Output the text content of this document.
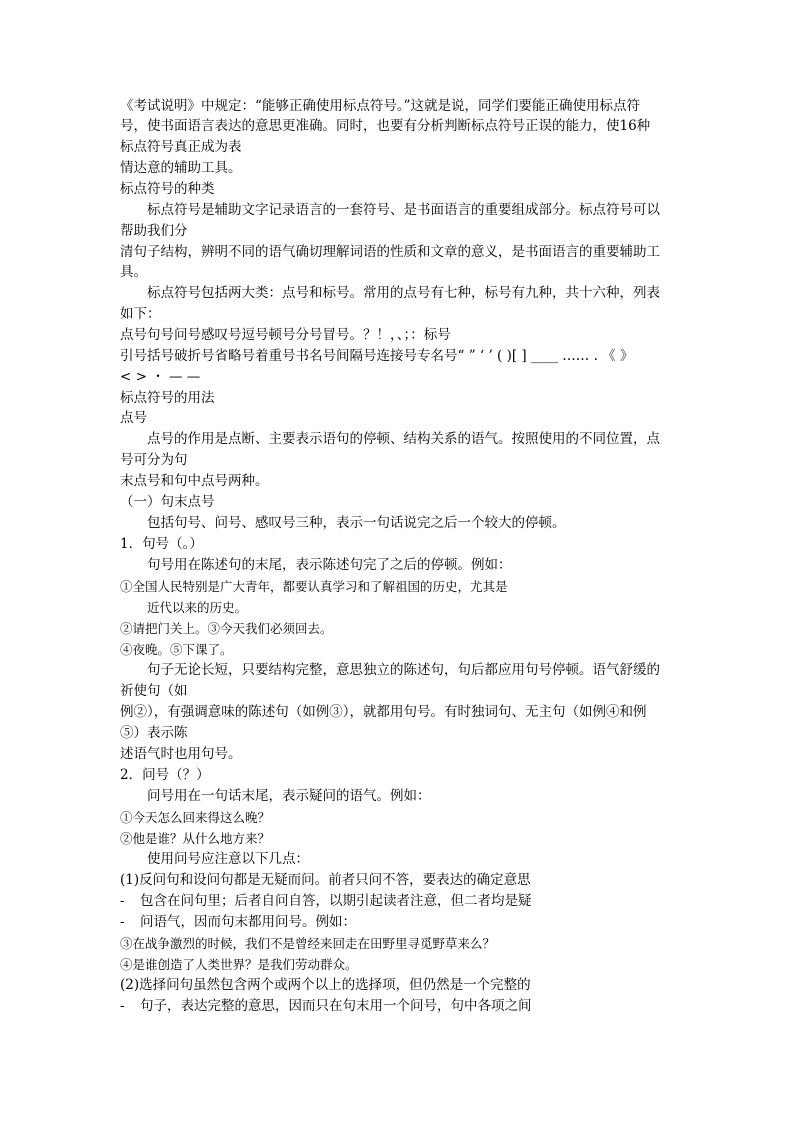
《考试说明》中规定：“能够正确使用标点符号。”这就是说，同学们要能正确使用标点符
号，使书面语言表达的意思更准确。同时，也要有分析判断标点符号正误的能力，使16种
标点符号真正成为表
情达意的辅助工具。
标点符号的种类
标点符号是辅助文字记录语言的一套符号、是书面语言的重要组成部分。标点符号可以
帮助我们分
清句子结构，辨明不同的语气确切理解词语的性质和文章的意义，是书面语言的重要辅助工
具。
标点符号包括两大类：点号和标号。常用的点号有七种，标号有九种，共十六种，列表
如下：
点号句号问号感叹号逗号顿号分号冒号。？！，、；：标号
引号括号破折号省略号着重号书名号间隔号连接号专名号“ ” ‘ ’ ( )[ ] ____ …… . 《 》
< > ・ — —
标点符号的用法
点号
点号的作用是点断、主要表示语句的停顿、结构关系的语气。按照使用的不同位置，点
号可分为句
末点号和句中点号两种。
（一）句末点号
包括句号、问号、感叹号三种，表示一句话说完之后一个较大的停顿。
1．句号（。）
句号用在陈述句的末尾，表示陈述句完了之后的停顿。例如：
①全国人民特别是广大青年，都要认真学习和了解祖国的历史，尤其是
近代以来的历史。
②请把门关上。③今天我们必须回去。
④夜晚。⑤下课了。
句子无论长短，只要结构完整，意思独立的陈述句，句后都应用句号停顿。语气舒缓的
祈使句（如
例②），有强调意味的陈述句（如例③），就都用句号。有时独词句、无主句（如例④和例
⑤）表示陈
述语气时也用句号。
2．问号（？）
问号用在一句话末尾，表示疑问的语气。例如：
①今天怎么回来得这么晚？
②他是谁？从什么地方来？
使用问号应注意以下几点：
(1)反问句和设问句都是无疑而问。前者只问不答，要表达的确定意思
- 包含在问句里；后者自问自答，以期引起读者注意，但二者均是疑
- 问语气，因而句末都用问号。例如：
③在战争激烈的时候，我们不是曾经来回走在田野里寻觅野草来么？
④是谁创造了人类世界？是我们劳动群众。
(2)选择问句虽然包含两个或两个以上的选择项，但仍然是一个完整的
- 句子，表达完整的意思，因而只在句末用一个问号，句中各项之间
